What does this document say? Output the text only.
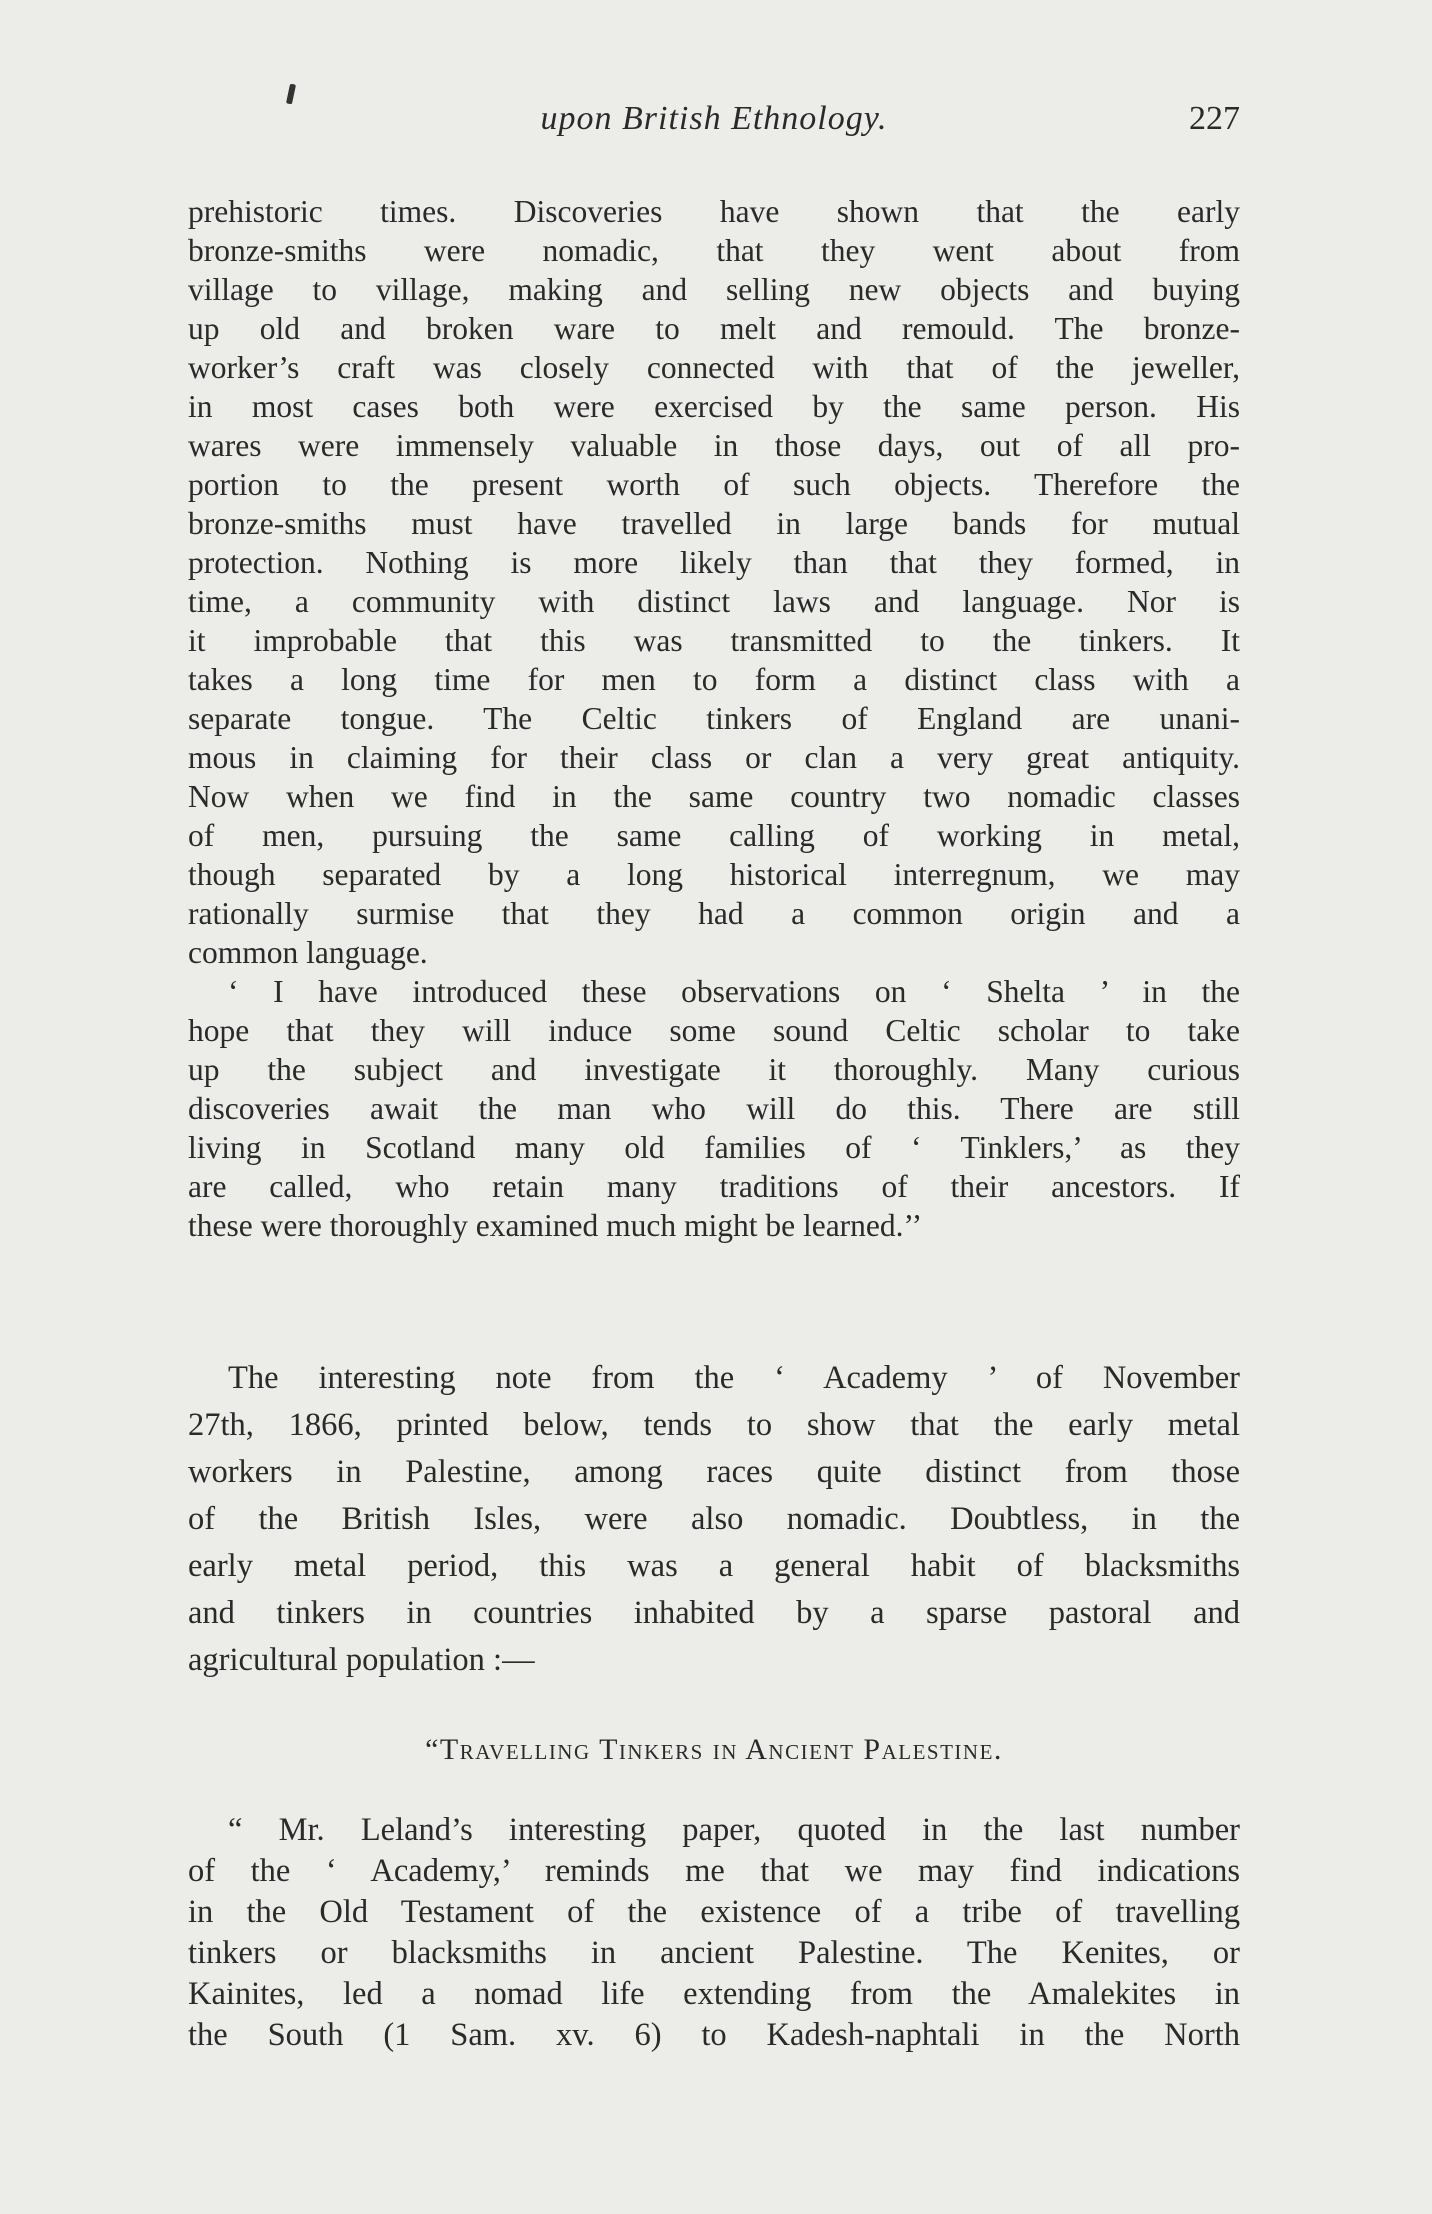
upon British Ethnology.	227
prehistoric times. Discoveries have shown that the early
bronze-smiths were nomadic, that they went about from
village to village, making and selling new objects and buying
up old and broken ware to melt and remould. The bronze-
worker’s craft was closely connected with that of the jeweller,
in most cases both were exercised by the same person. His
wares were immensely valuable in those days, out of all pro-
portion to the present worth of such objects. Therefore the
bronze-smiths must have travelled in large bands for mutual
protection. Nothing is more likely than that they formed, in
time, a community with distinct laws and language. Nor is
it improbable that this was transmitted to the tinkers. It
takes a long time for men to form a distinct class with a
separate tongue. The Celtic tinkers of England are unani-
mous in claiming for their class or clan a very great antiquity.
Now when we find in the same country two nomadic classes
of men, pursuing the same calling of working in metal,
though separated by a long historical interregnum, we may
rationally surmise that they had a common origin and a
common language.
‘ I have introduced these observations on ‘ Shelta ’ in the
hope that they will induce some sound Celtic scholar to take
up the subject and investigate it thoroughly. Many curious
discoveries await the man who will do this. There are still
living in Scotland many old families of ‘ Tinklers,’ as they
are called, who retain many traditions of their ancestors. If
these were thoroughly examined much might be learned.’’
The interesting note from the ‘ Academy ’ of November
27th, 1866, printed below, tends to show that the early metal
workers in Palestine, among races quite distinct from those
of the British Isles, were also nomadic. Doubtless, in the
early metal period, this was a general habit of blacksmiths
and tinkers in countries inhabited by a sparse pastoral and
agricultural population :—
“Travelling Tinkers in Ancient Palestine.
“ Mr. Leland’s interesting paper, quoted in the last number
of the ‘ Academy,’ reminds me that we may find indications
in the Old Testament of the existence of a tribe of travelling
tinkers or blacksmiths in ancient Palestine. The Kenites, or
Kainites, led a nomad life extending from the Amalekites in
the South (1 Sam. xv. 6) to Kadesh-naphtali in the North
